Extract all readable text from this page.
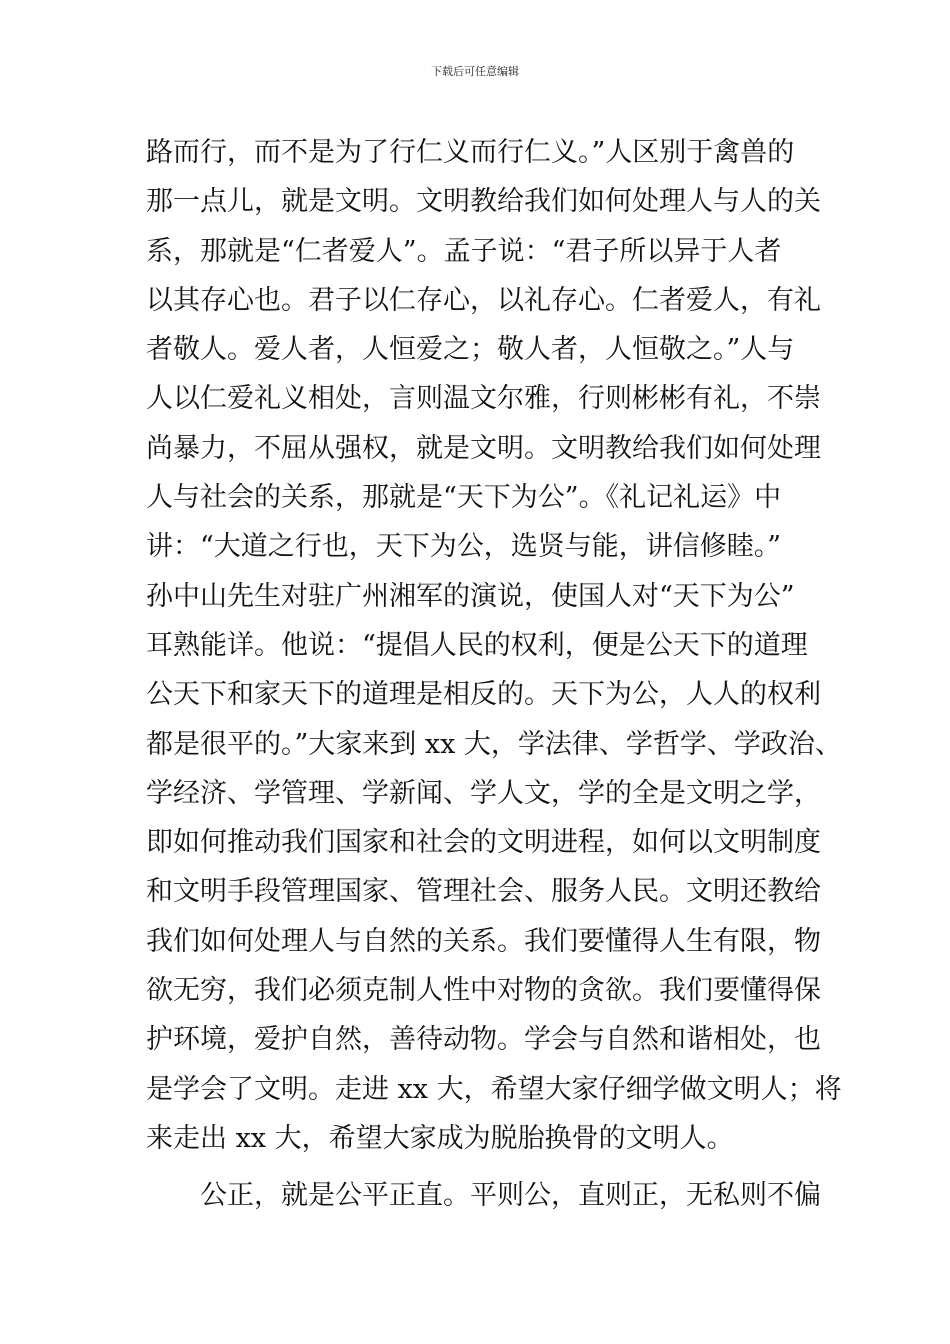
下载后可任意编辑
路而行，而不是为了行仁义而行仁义。”人区别于禽兽的
那一点儿，就是文明。文明教给我们如何处理人与人的关
系，那就是“仁者爱人”。孟子说：“君子所以异于人者
以其存心也。君子以仁存心，以礼存心。仁者爱人，有礼
者敬人。爱人者，人恒爱之；敬人者，人恒敬之。”人与
人以仁爱礼义相处，言则温文尔雅，行则彬彬有礼，不崇
尚暴力，不屈从强权，就是文明。文明教给我们如何处理
人与社会的关系，那就是“天下为公”。《礼记礼运》中
讲：“大道之行也，天下为公，选贤与能，讲信修睦。”
孙中山先生对驻广州湘军的演说，使国人对“天下为公”
耳熟能详。他说：“提倡人民的权利，便是公天下的道理
公天下和家天下的道理是相反的。天下为公，人人的权利
都是很平的。”大家来到 xx 大，学法律、学哲学、学政治、
学经济、学管理、学新闻、学人文，学的全是文明之学，
即如何推动我们国家和社会的文明进程，如何以文明制度
和文明手段管理国家、管理社会、服务人民。文明还教给
我们如何处理人与自然的关系。我们要懂得人生有限，物
欲无穷，我们必须克制人性中对物的贪欲。我们要懂得保
护环境，爱护自然，善待动物。学会与自然和谐相处，也
是学会了文明。走进 xx 大，希望大家仔细学做文明人；将
来走出 xx 大，希望大家成为脱胎换骨的文明人。
公正，就是公平正直。平则公，直则正，无私则不偏
